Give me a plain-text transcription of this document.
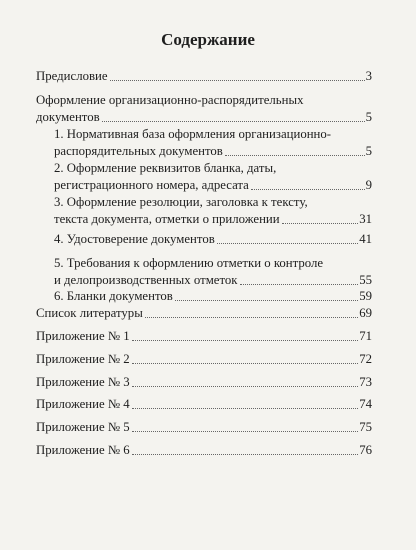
Содержание
Предисловие	3
Оформление организационно-распорядительных
документов	5
1. Нормативная база оформления организационно-
распорядительных документов	5
2. Оформление реквизитов бланка, даты,
регистрационного номера, адресата	9
3. Оформление резолюции, заголовка к тексту,
текста документа, отметки о приложении	31
4. Удостоверение документов	41
5. Требования к оформлению отметки о контроле
и делопроизводственных отметок	55
6. Бланки документов	59
Список литературы	69
Приложение № 1	71
Приложение № 2	72
Приложение № 3	73
Приложение № 4	74
Приложение № 5	75
Приложение № 6	76
